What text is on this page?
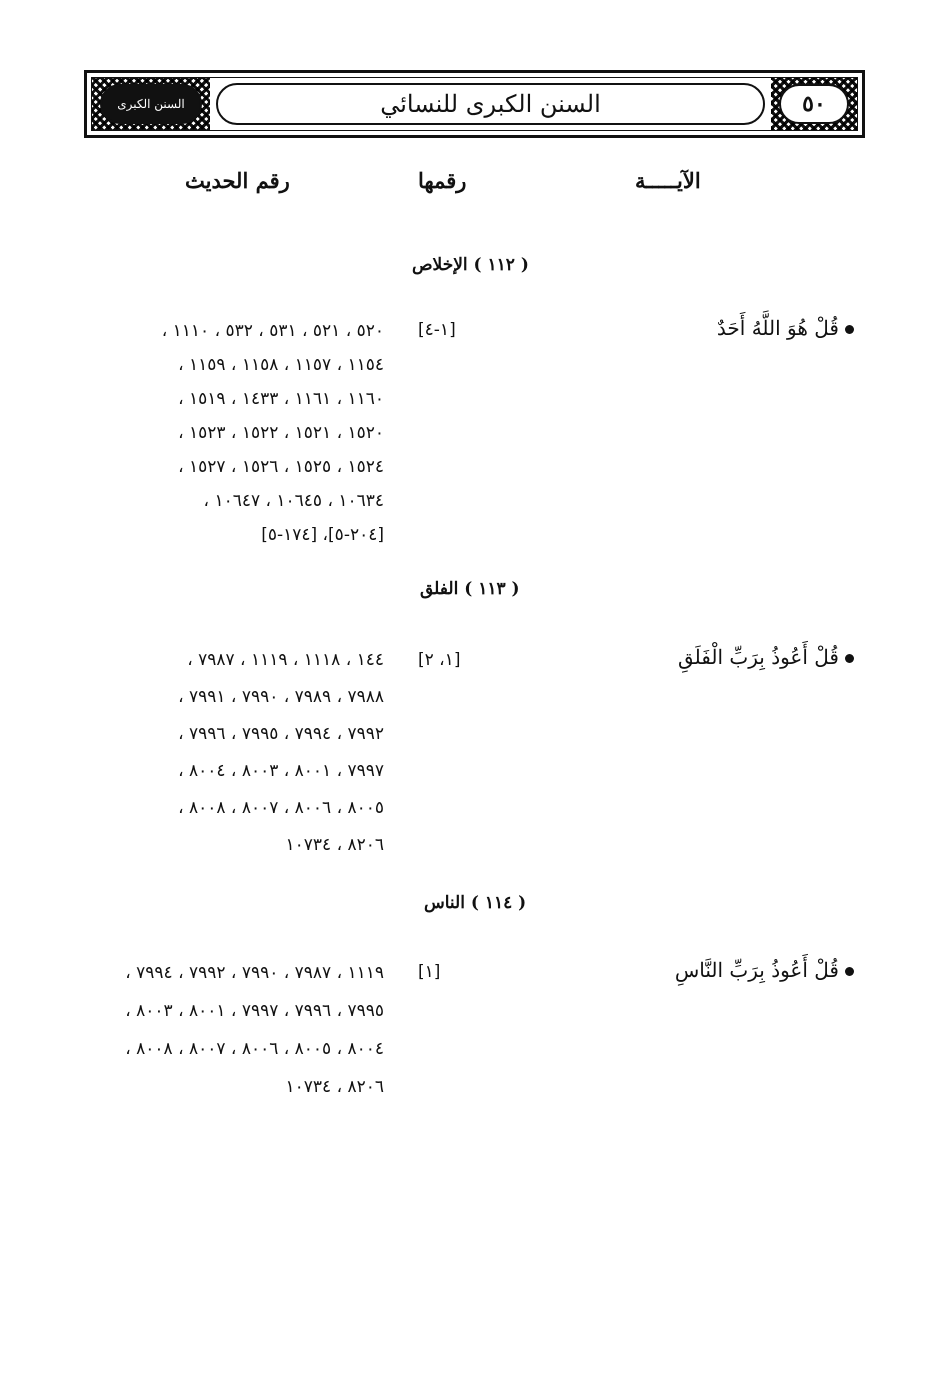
السنن الكبرى	السنن الكبرى للنسائي	٥٠
الآيـــــة
رقمها
رقم الحديث
( ١١٢ ) الإخلاص
قُلْ هُوَ اللَّهُ أَحَدٌ
[١-٤]
٥٢٠ ، ٥٢١ ، ٥٣١ ، ٥٣٢ ، ١١١٠ ،
١١٥٤ ، ١١٥٧ ، ١١٥٨ ، ١١٥٩ ،
١١٦٠ ، ١١٦١ ، ١٤٣٣ ، ١٥١٩ ،
١٥٢٠ ، ١٥٢١ ، ١٥٢٢ ، ١٥٢٣ ،
١٥٢٤ ، ١٥٢٥ ، ١٥٢٦ ، ١٥٢٧ ،
١٠٦٣٤ ، ١٠٦٤٥ ، ١٠٦٤٧ ،
[٢٠٤-٥]، [١٧٤-٥]
( ١١٣ ) الفلق
قُلْ أَعُوذُ بِرَبِّ الْفَلَقِ
[١، ٢]
١٤٤ ، ١١١٨ ، ١١١٩ ، ٧٩٨٧ ،
٧٩٨٨ ، ٧٩٨٩ ، ٧٩٩٠ ، ٧٩٩١ ،
٧٩٩٢ ، ٧٩٩٤ ، ٧٩٩٥ ، ٧٩٩٦ ،
٧٩٩٧ ، ٨٠٠١ ، ٨٠٠٣ ، ٨٠٠٤ ،
٨٠٠٥ ، ٨٠٠٦ ، ٨٠٠٧ ، ٨٠٠٨ ،
٨٢٠٦ ، ١٠٧٣٤
( ١١٤ ) الناس
قُلْ أَعُوذُ بِرَبِّ النَّاسِ
[١]
١١١٩ ، ٧٩٨٧ ، ٧٩٩٠ ، ٧٩٩٢ ، ٧٩٩٤ ،
٧٩٩٥ ، ٧٩٩٦ ، ٧٩٩٧ ، ٨٠٠١ ، ٨٠٠٣ ،
٨٠٠٤ ، ٨٠٠٥ ، ٨٠٠٦ ، ٨٠٠٧ ، ٨٠٠٨ ،
٨٢٠٦ ، ١٠٧٣٤
